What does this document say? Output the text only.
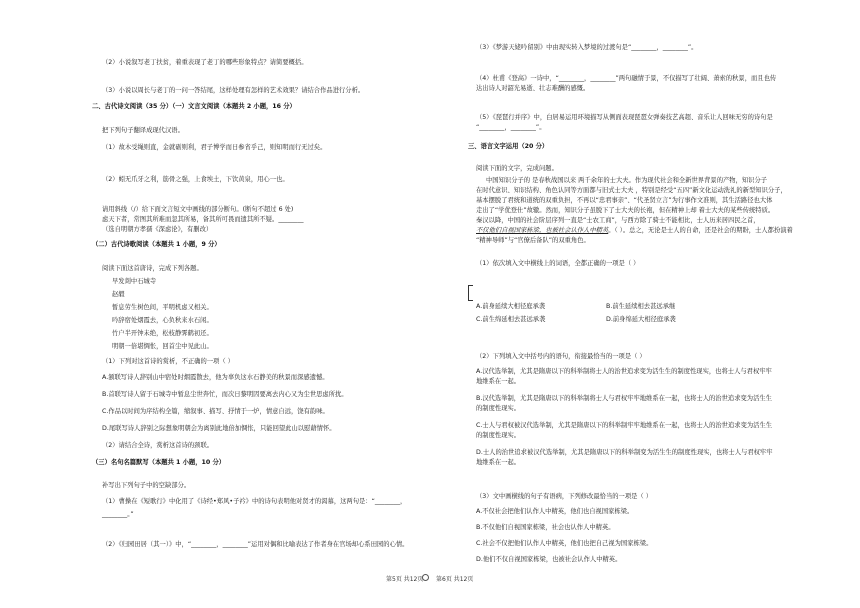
（2）小说叙写老丁扶贫，着重表现了老丁的哪些形象特点？请简要概括。
（3）小说以周长与老丁的一问一答结尾，这样处理有怎样的艺术效果？请结合作品进行分析。
二、古代诗文阅读（35 分）（一）文言文阅读（本题共 2 小题，16 分）
把下列句子翻译成现代汉语。
（1）故木受绳则直，金就砺则利，君子博学而日参省乎己，则知明而行无过矣。
（2）蚓无爪牙之利，筋骨之强，上食埃土，下饮黄泉，用心一也。
请用斜线（/）给下面文言短文中画线的部分断句。(断句不超过 6 处)
虑天下者，常图其所难而忽其所易，备其所可畏而遗其所不疑。________
（选自明朝方孝孺《深虑论》，有删改）
（二）古代诗歌阅读（本题共 1 小题，9 分）
阅读下面这首唐诗，完成下列各题。
早发剡中石城寺
赵嘏
暂息劳生树色间，平明机虑又相关。
吟辞宿处烟霞去，心负秋来水石闲。
竹户半开钟未绝，松枝静霁鹤初还。
明朝一倍堪惆怅，回首尘中见此山。
（1）下列对这首诗的赏析，不正确的一项（ ）
A.颔联写诗人辞别山中宿处时烟霞散去，他为辜负这水石静美的秋景而深感遗憾。
B.首联写诗人留于石城寺中暂息尘世奔忙，而次日黎明因要离去内心又为尘世思虑所扰。
C.作品以时间为序结构全篇，缩叙事、描写、抒情于一炉，情意自远，饶有韵味。
D.尾联写诗人辞别之际想象明朝会为离别此地倍加惆怅，只能回望此山以慰藉情怀。
（2）请结合全诗，赏析这首诗的颈联。
（三）名句名篇默写（本题共 1 小题，10 分）
补写出下列句子中的空缺部分。
（1）曹操在《短歌行》中化用了《诗经•郑风•子衿》中的诗句表明他对贤才的渴慕，这两句是：“________，
________。”
（2）《归园田居（其一）》中，“________，________”运用对偶和比喻表达了作者身在官场却心系田园的心情。
（3）《梦游天姥吟留别》中由现实转入梦境的过渡句是“________，________”。
（4）杜甫《登高》一诗中，“________，________”两句融情于景，不仅描写了壮阔、萧索的秋景，而且也传
达出诗人对韶光易逝、壮志难酬的感慨。
（5）《琵琶行并序》中，白居易运用环境描写从侧面表现琵琶女弹奏技艺高超、音乐让人回味无穷的诗句是
“________，________”。
三、语言文字运用（20 分）
阅读下面的文字，完成问题。
中国知识分子的 是春秋战国以来 两千余年的士大夫。作为现代社会和全新世界背景的产物，知识分子
在时代意识、知识结构、角色认同等方面都与旧式士大夫 ，特别是经受“五四”新文化运动洗礼的新型知识分子，
基本摆脱了君统和道统的双重负担，不再以“忠君事亲”、“代圣贤立言”为行事作文准则，其生活路径也大体
走出了“学优登仕”故辙。然而，知识分子虽脱下了士大夫的长袍，但在精神上却 着士大夫的某些传统特质。
秦汉以降，中国的社会阶层序列一直是“士农工商”，与西方除了骑士不能相比，士人历来居四民之首，
不仅他们自视国家栋梁，也被社会认作人中精英。（ ）。总之，无论是士人的自命，还是社会的期盼，士人都扮演着
“精神导师”与“官僚后备队”的双重角色。
（1）依次填入文中横线上的词语，全都正确的一项是（ ）
A.前身延续大相径庭承袭	B.前生延续相去甚远承继
C.前生绵延相去甚远承袭	D.前身绵延大相径庭承袭
（2）下列填入文中括号内的语句，衔接最恰当的一项是（ ）
A.汉代选举制，尤其是隋唐以下的科举制将士人的治世追求变为活生生的制度性现实，也将士人与君权牢牢
地维系在一起。
B.汉代选举制，尤其是隋唐以下的科举制将士人与君权牢牢地维系在一起，也将士人的治世追求变为活生生
的制度性现实。
C.士人与君权被汉代选举制，尤其是隋唐以下的科举制牢牢地维系在一起，也将士人的治世追求变为活生生
的制度性现实。
D.士人的治世追求被汉代选举制，尤其是隋唐以下的科举制变为活生生的制度性现实，也将士人与君权牢牢
地维系在一起。
（3）文中画横线的句子有语病，下列修改最恰当的一项是（ ）
A.不仅社会把他们认作人中精英，他们也自视国家栋梁。
B.不仅他们自视国家栋梁，社会也认作人中精英。
C.社会不仅把他们认作人中精英，他们也把自己视为国家栋梁。
D.他们不仅自视国家栋梁，也被社会认作人中精英。
第5页 共12页 第6页 共12页
